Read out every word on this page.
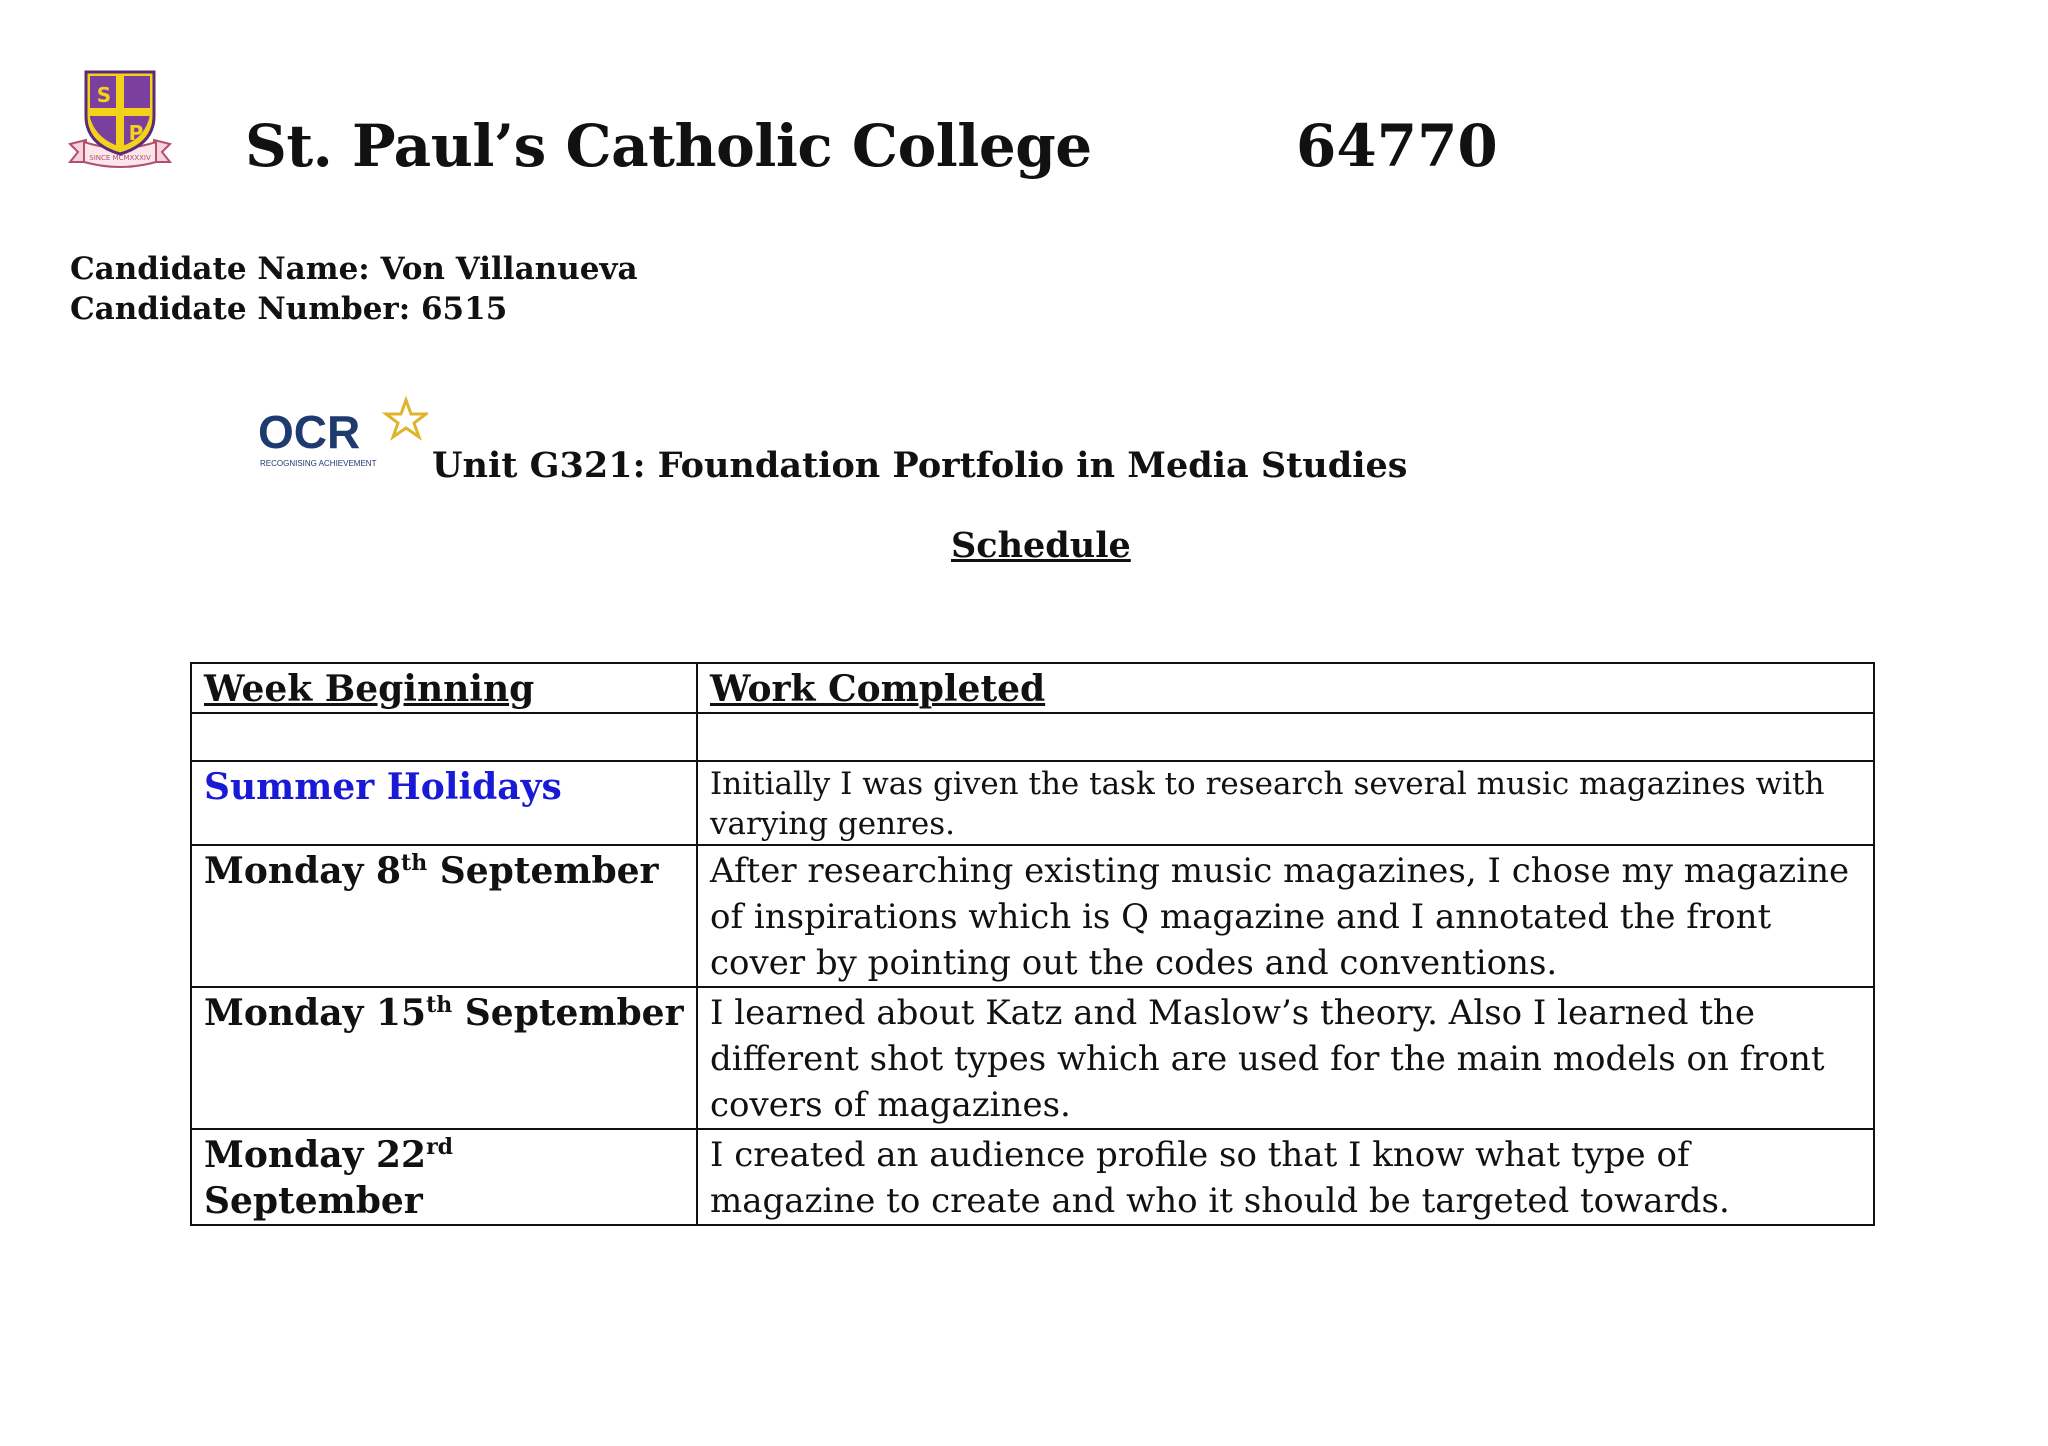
SINCE MCMXXXIV
S
P St. Paul’s Catholic College	64770
Candidate Name: Von Villanueva
Candidate Number: 6515
OCR
RECOGNISING ACHIEVEMENT Unit G321: Foundation Portfolio in Media Studies
Schedule
Week Beginning	Work Completed

Summer Holidays	Initially I was given the task to research several music magazines with varying genres.
Monday 8th September	After researching existing music magazines, I chose my magazine of inspirations which is Q magazine and I annotated the front cover by pointing out the codes and conventions.
Monday 15th September	I learned about Katz and Maslow’s theory. Also I learned the different shot types which are used for the main models on front covers of magazines.
Monday 22rd September	I created an audience profile so that I know what type of magazine to create and who it should be targeted towards.
